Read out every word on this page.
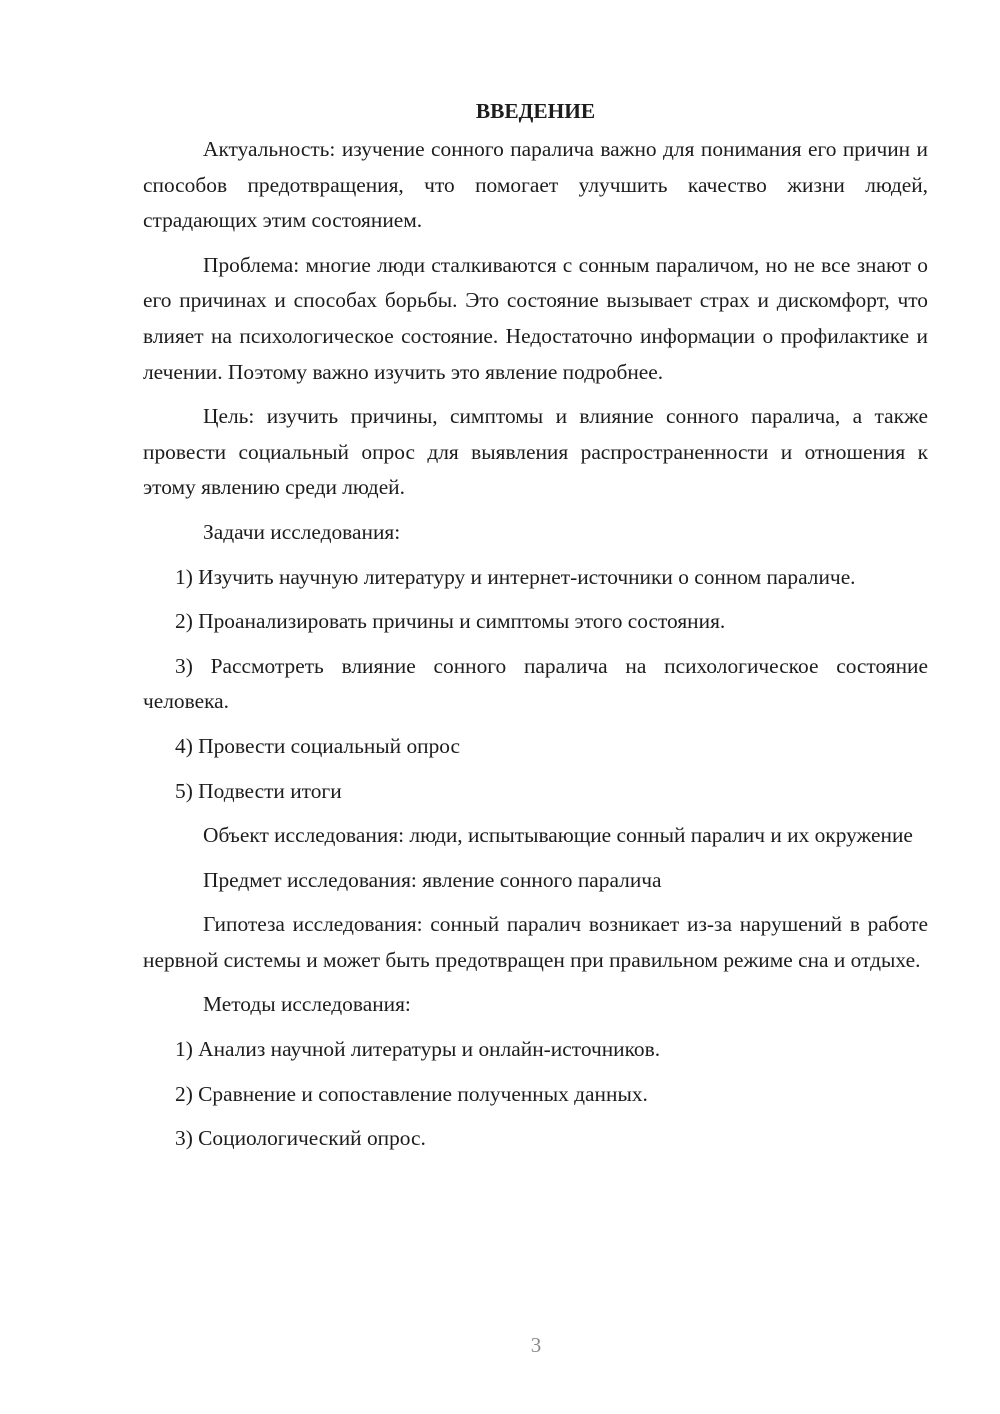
ВВЕДЕНИЕ
Актуальность: изучение сонного паралича важно для понимания его причин и способов предотвращения, что помогает улучшить качество жизни людей, страдающих этим состоянием.
Проблема: многие люди сталкиваются с сонным параличом, но не все знают о его причинах и способах борьбы. Это состояние вызывает страх и дискомфорт, что влияет на психологическое состояние. Недостаточно информации о профилактике и лечении. Поэтому важно изучить это явление подробнее.
Цель: изучить причины, симптомы и влияние сонного паралича, а также провести социальный опрос для выявления распространенности и отношения к этому явлению среди людей.
Задачи исследования:
1) Изучить научную литературу и интернет-источники о сонном параличе.
2) Проанализировать причины и симптомы этого состояния.
3) Рассмотреть влияние сонного паралича на психологическое состояние человека.
4) Провести социальный опрос
5) Подвести итоги
Объект исследования: люди, испытывающие сонный паралич и их окружение
Предмет исследования: явление сонного паралича
Гипотеза исследования: сонный паралич возникает из-за нарушений в работе нервной системы и может быть предотвращен при правильном режиме сна и отдыхе.
Методы исследования:
1) Анализ научной литературы и онлайн-источников.
2) Сравнение и сопоставление полученных данных.
3) Социологический опрос.
3
